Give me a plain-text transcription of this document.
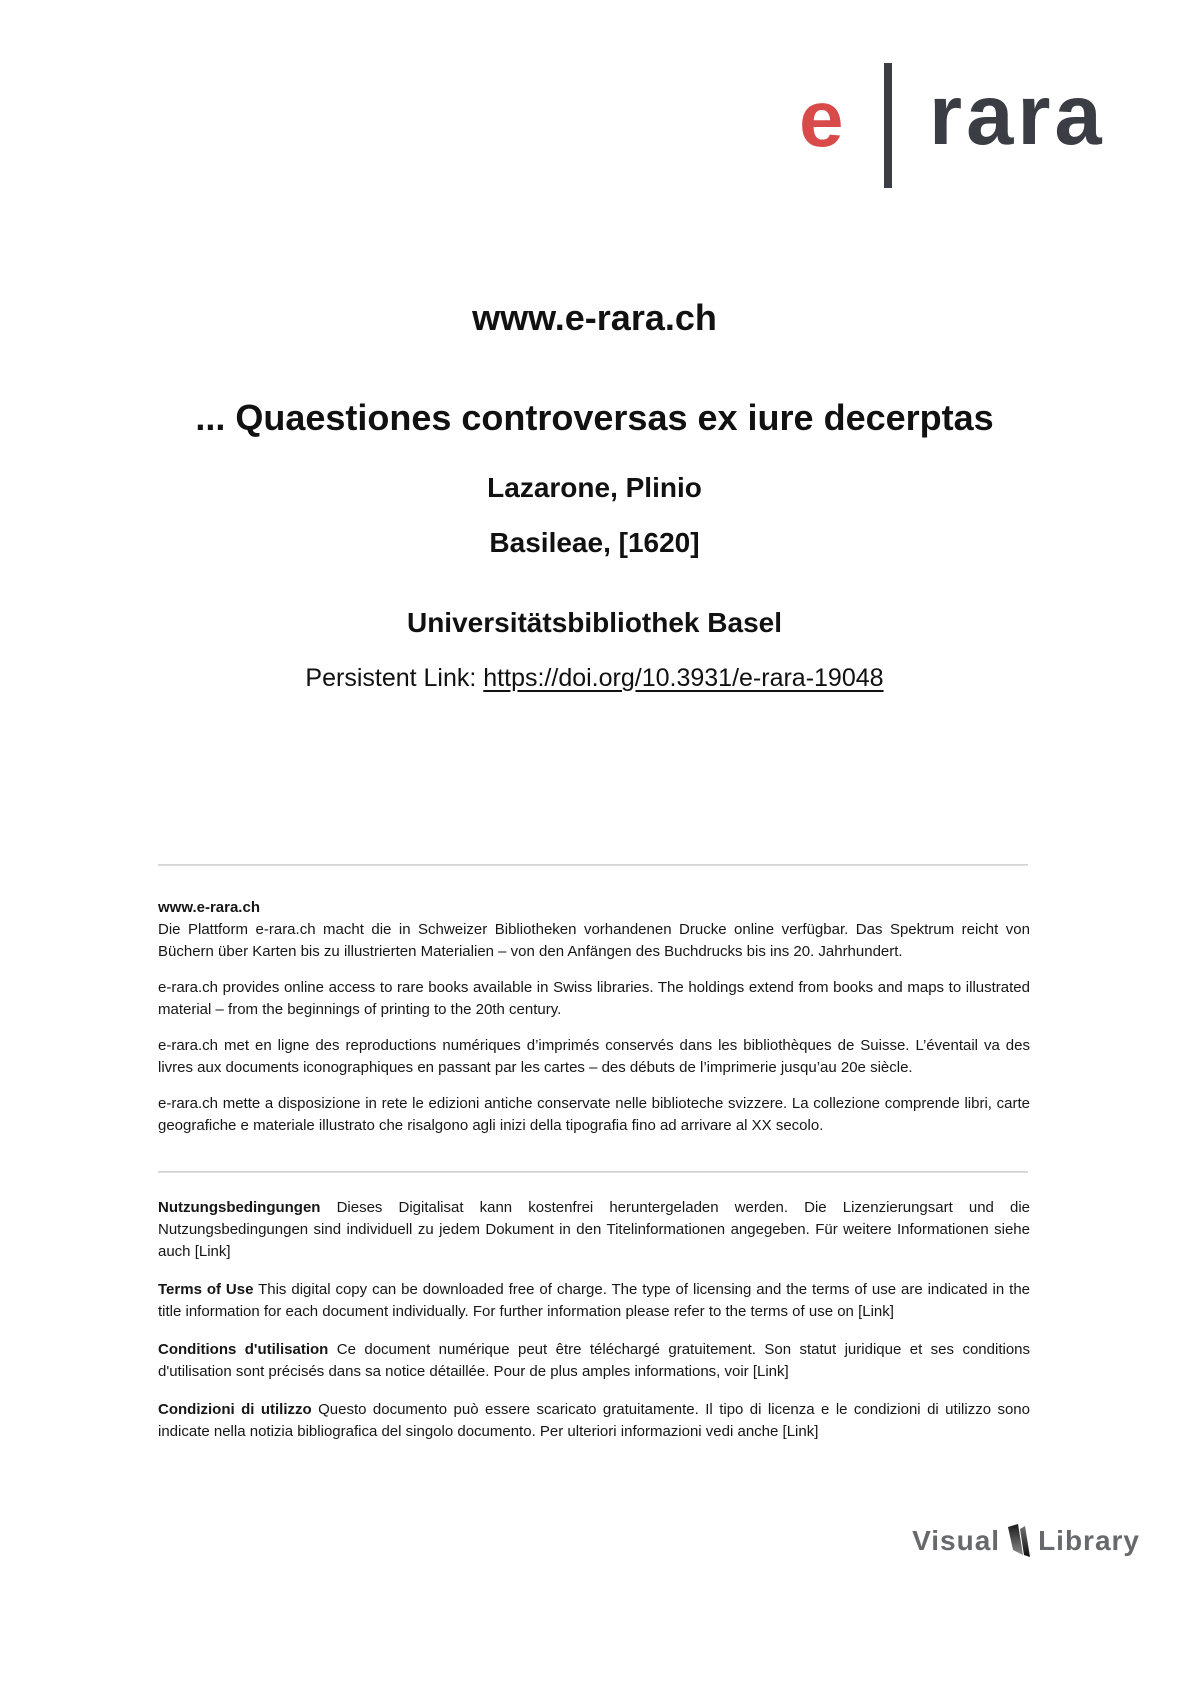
e rara
www.e-rara.ch
... Quaestiones controversas ex iure decerptas
Lazarone, Plinio
Basileae, [1620]
Universitätsbibliothek Basel
Persistent Link: https://doi.org/10.3931/e-rara-19048

www.e-rara.ch

Die Plattform e-rara.ch macht die in Schweizer Bibliotheken vorhandenen Drucke online verfügbar. Das Spektrum reicht von Büchern über Karten bis zu illustrierten Materialien – von den Anfängen des Buchdrucks bis ins 20. Jahrhundert.

e-rara.ch provides online access to rare books available in Swiss libraries. The holdings extend from books and maps to illustrated material – from the beginnings of printing to the 20th century.

e-rara.ch met en ligne des reproductions numériques d’imprimés conservés dans les bibliothèques de Suisse. L’éventail va des livres aux documents iconographiques en passant par les cartes – des débuts de l’imprimerie jusqu’au 20e siècle.

e-rara.ch mette a disposizione in rete le edizioni antiche conservate nelle biblioteche svizzere. La collezione comprende libri, carte geografiche e materiale illustrato che risalgono agli inizi della tipografia fino ad arrivare al XX secolo.

Nutzungsbedingungen Dieses Digitalisat kann kostenfrei heruntergeladen werden. Die Lizenzierungsart und die Nutzungsbedingungen sind individuell zu jedem Dokument in den Titelinformationen angegeben. Für weitere Informationen siehe auch [Link]

Terms of Use This digital copy can be downloaded free of charge. The type of licensing and the terms of use are indicated in the title information for each document individually. For further information please refer to the terms of use on [Link]

Conditions d'utilisation Ce document numérique peut être téléchargé gratuitement. Son statut juridique et ses conditions d'utilisation sont précisés dans sa notice détaillée. Pour de plus amples informations, voir [Link]

Condizioni di utilizzo Questo documento può essere scaricato gratuitamente. Il tipo di licenza e le condizioni di utilizzo sono indicate nella notizia bibliografica del singolo documento. Per ulteriori informazioni vedi anche [Link]

Visual Library
